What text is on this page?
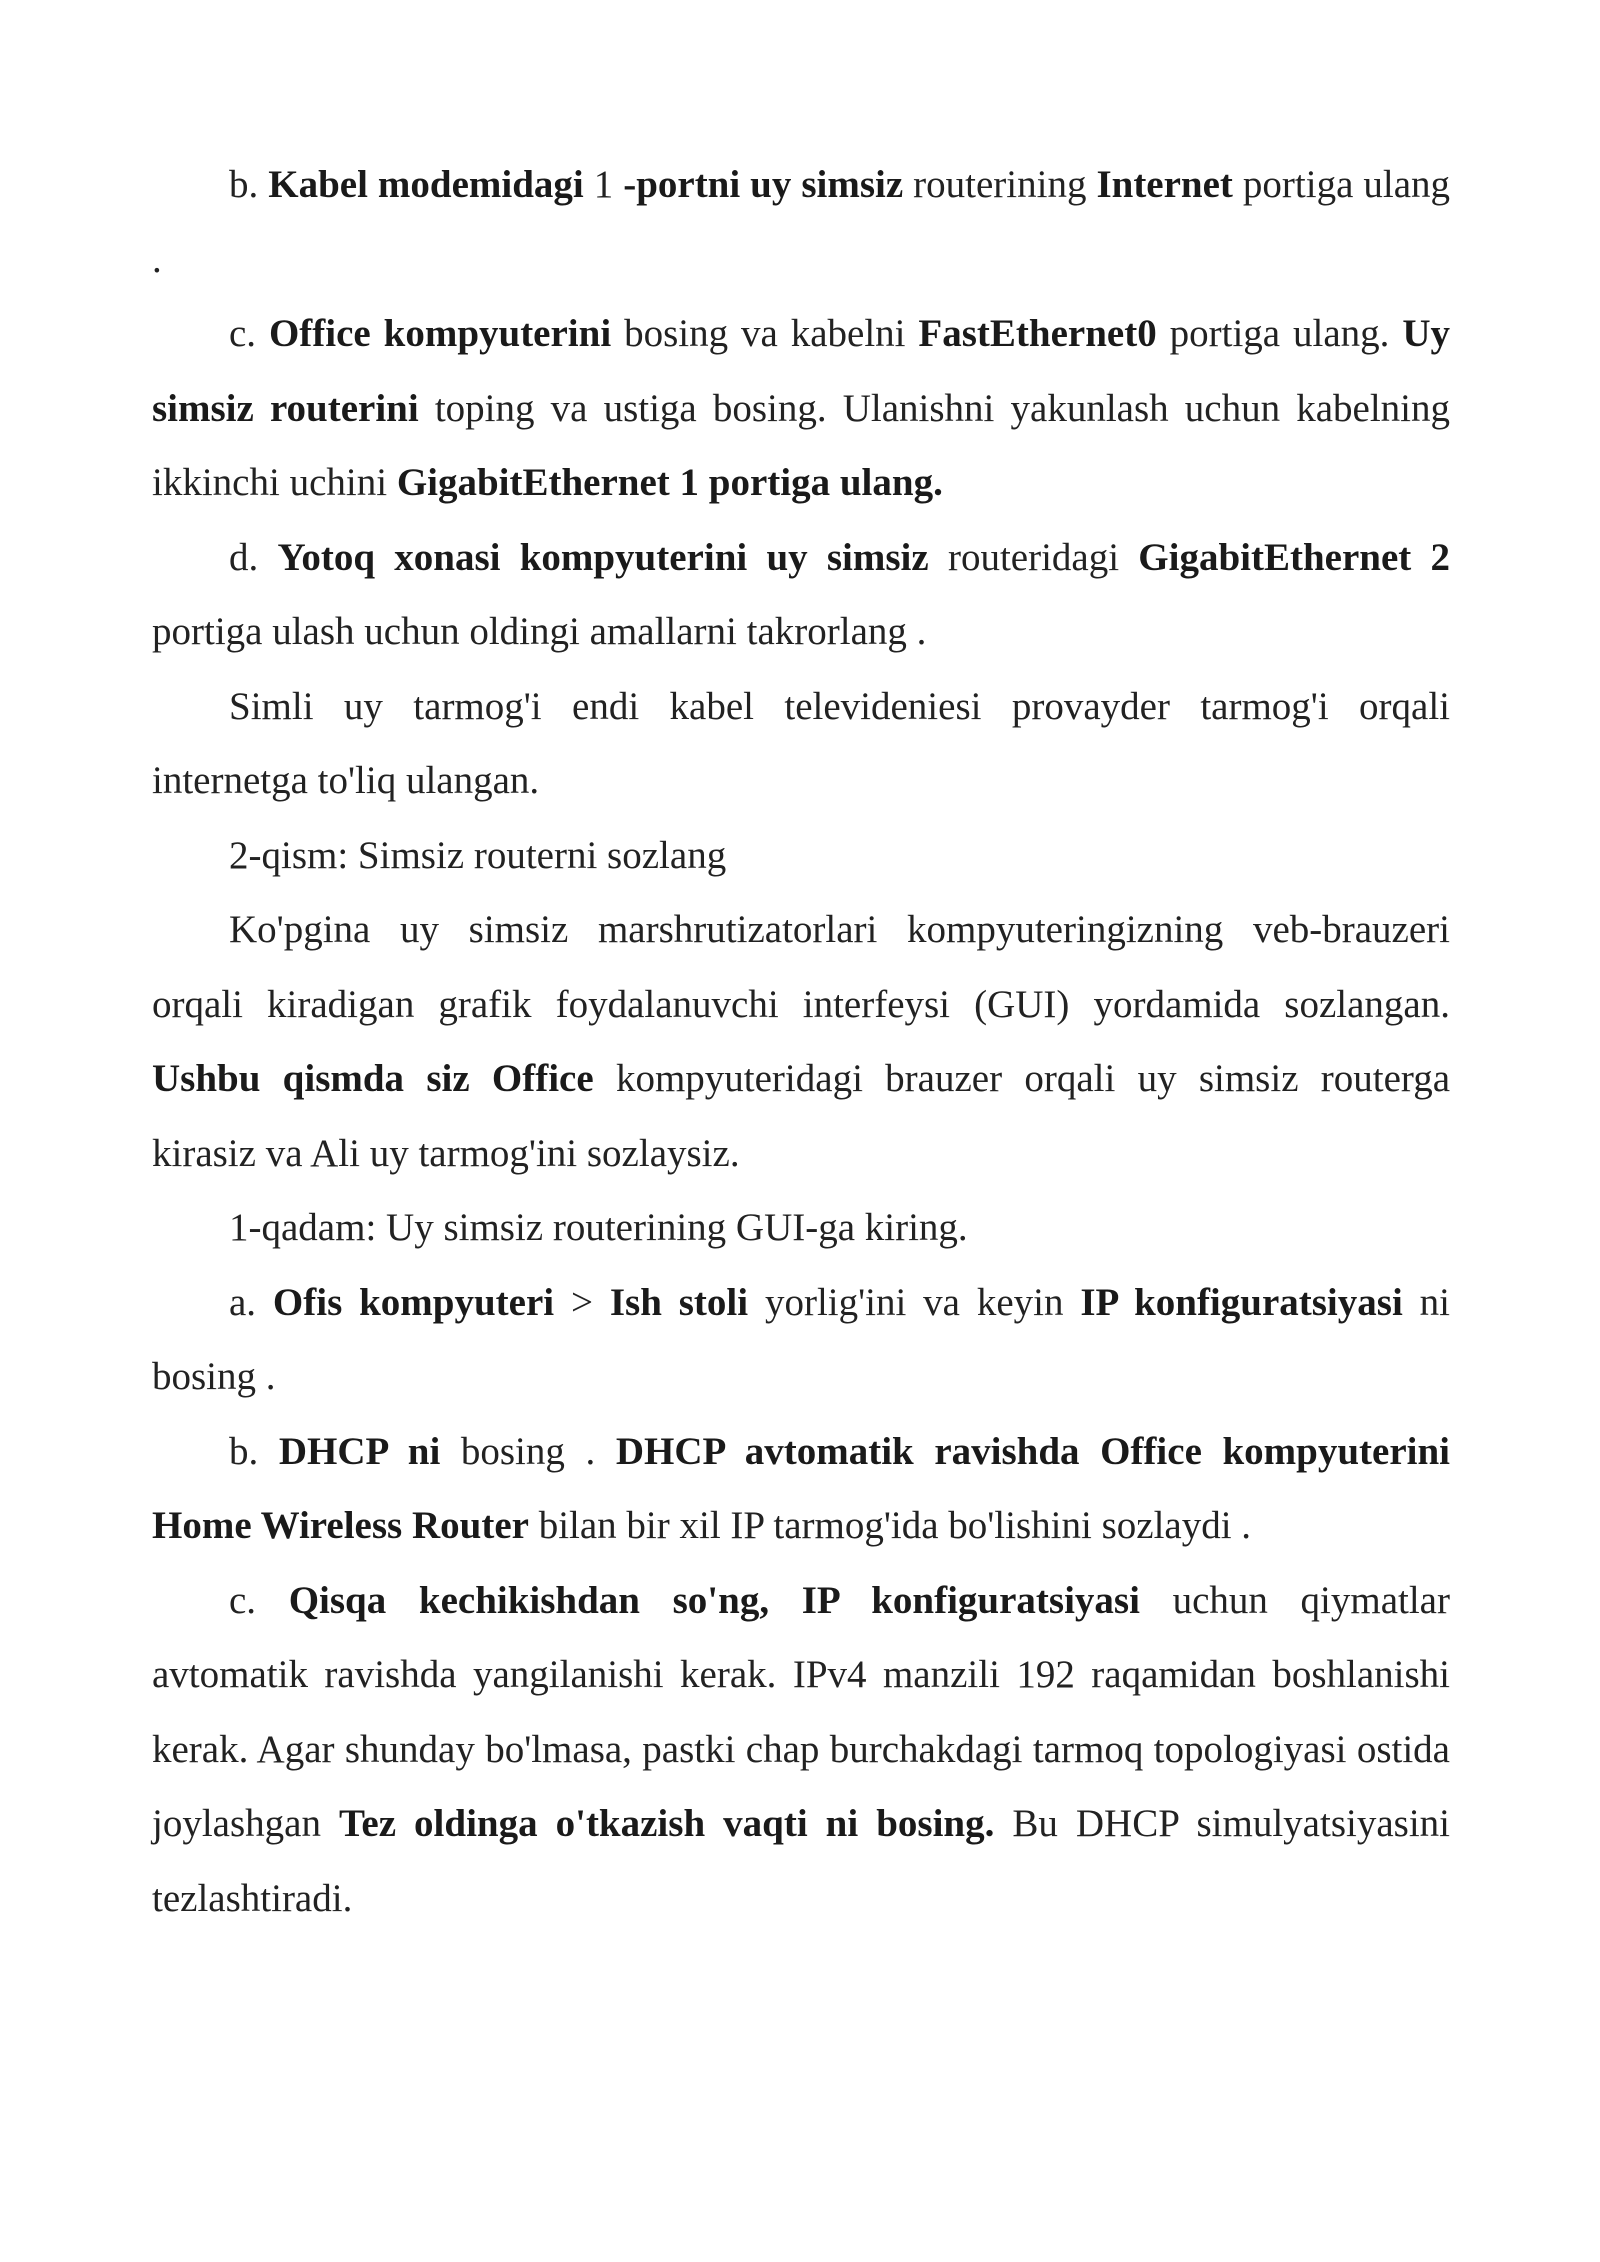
b. Kabel modemidagi 1 -portni uy simsiz routerining Internet portiga ulang .

c. Office kompyuterini bosing va kabelni FastEthernet0 portiga ulang. Uy simsiz routerini toping va ustiga bosing. Ulanishni yakunlash uchun kabelning ikkinchi uchini GigabitEthernet 1 portiga ulang.

d. Yotoq xonasi kompyuterini uy simsiz routeridagi GigabitEthernet 2 portiga ulash uchun oldingi amallarni takrorlang .

Simli uy tarmog'i endi kabel televideniesi provayder tarmog'i orqali internetga to'liq ulangan.

2-qism: Simsiz routerni sozlang

Ko'pgina uy simsiz marshrutizatorlari kompyuteringizning veb-brauzeri orqali kiradigan grafik foydalanuvchi interfeysi (GUI) yordamida sozlangan. Ushbu qismda siz Office kompyuteridagi brauzer orqali uy simsiz routerga kirasiz va Ali uy tarmog'ini sozlaysiz.

1-qadam: Uy simsiz routerining GUI-ga kiring.

a. Ofis kompyuteri > Ish stoli yorlig'ini va keyin IP konfiguratsiyasi ni bosing .

b. DHCP ni bosing . DHCP avtomatik ravishda Office kompyuterini Home Wireless Router bilan bir xil IP tarmog'ida bo'lishini sozlaydi .

c. Qisqa kechikishdan so'ng, IP konfiguratsiyasi uchun qiymatlar avtomatik ravishda yangilanishi kerak. IPv4 manzili 192 raqamidan boshlanishi kerak. Agar shunday bo'lmasa, pastki chap burchakdagi tarmoq topologiyasi ostida joylashgan Tez oldinga o'tkazish vaqti ni bosing. Bu DHCP simulyatsiyasini tezlashtiradi.
